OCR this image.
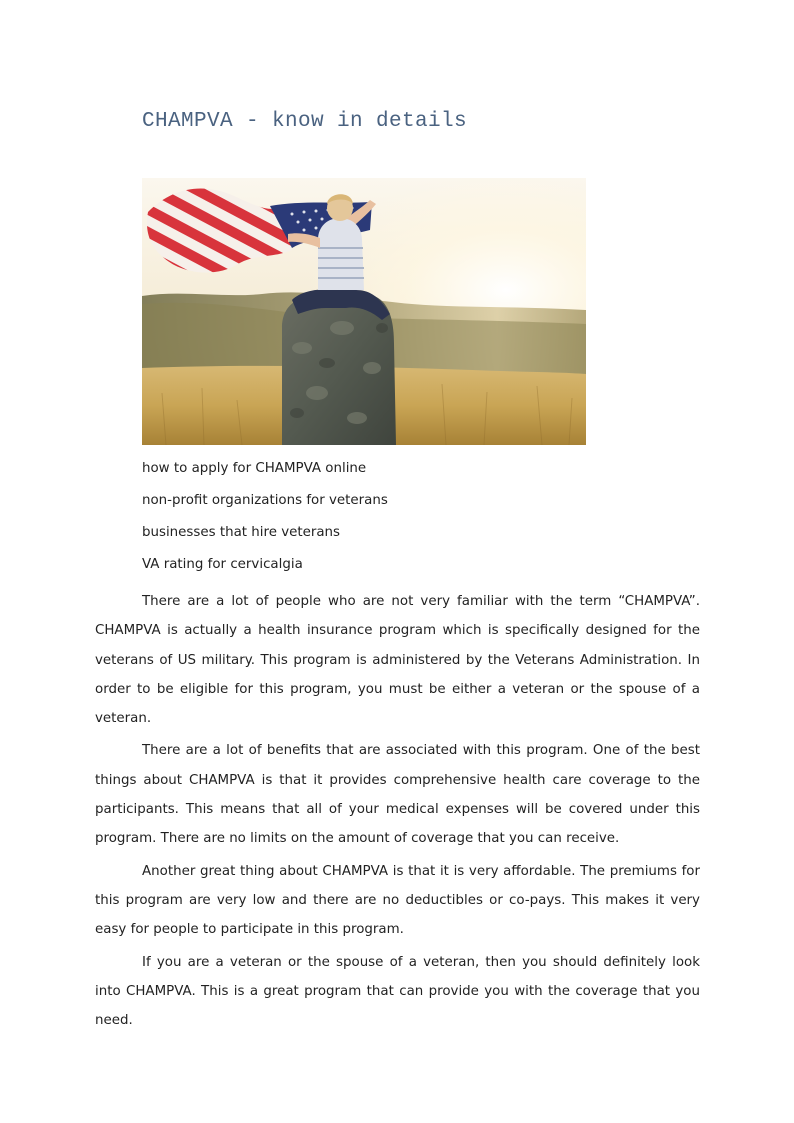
CHAMPVA - know in details
how to apply for CHAMPVA online
non-profit organizations for veterans
businesses that hire veterans
VA rating for cervicalgia

There are a lot of people who are not very familiar with the term “CHAMPVA”. CHAMPVA is actually a health insurance program which is specifically designed for the veterans of US military. This program is administered by the Veterans Administration. In order to be eligible for this program, you must be either a veteran or the spouse of a veteran.

There are a lot of benefits that are associated with this program. One of the best things about CHAMPVA is that it provides comprehensive health care coverage to the participants. This means that all of your medical expenses will be covered under this program. There are no limits on the amount of coverage that you can receive.

Another great thing about CHAMPVA is that it is very affordable. The premiums for this program are very low and there are no deductibles or co-pays. This makes it very easy for people to participate in this program.

If you are a veteran or the spouse of a veteran, then you should definitely look into CHAMPVA. This is a great program that can provide you with the coverage that you need.
